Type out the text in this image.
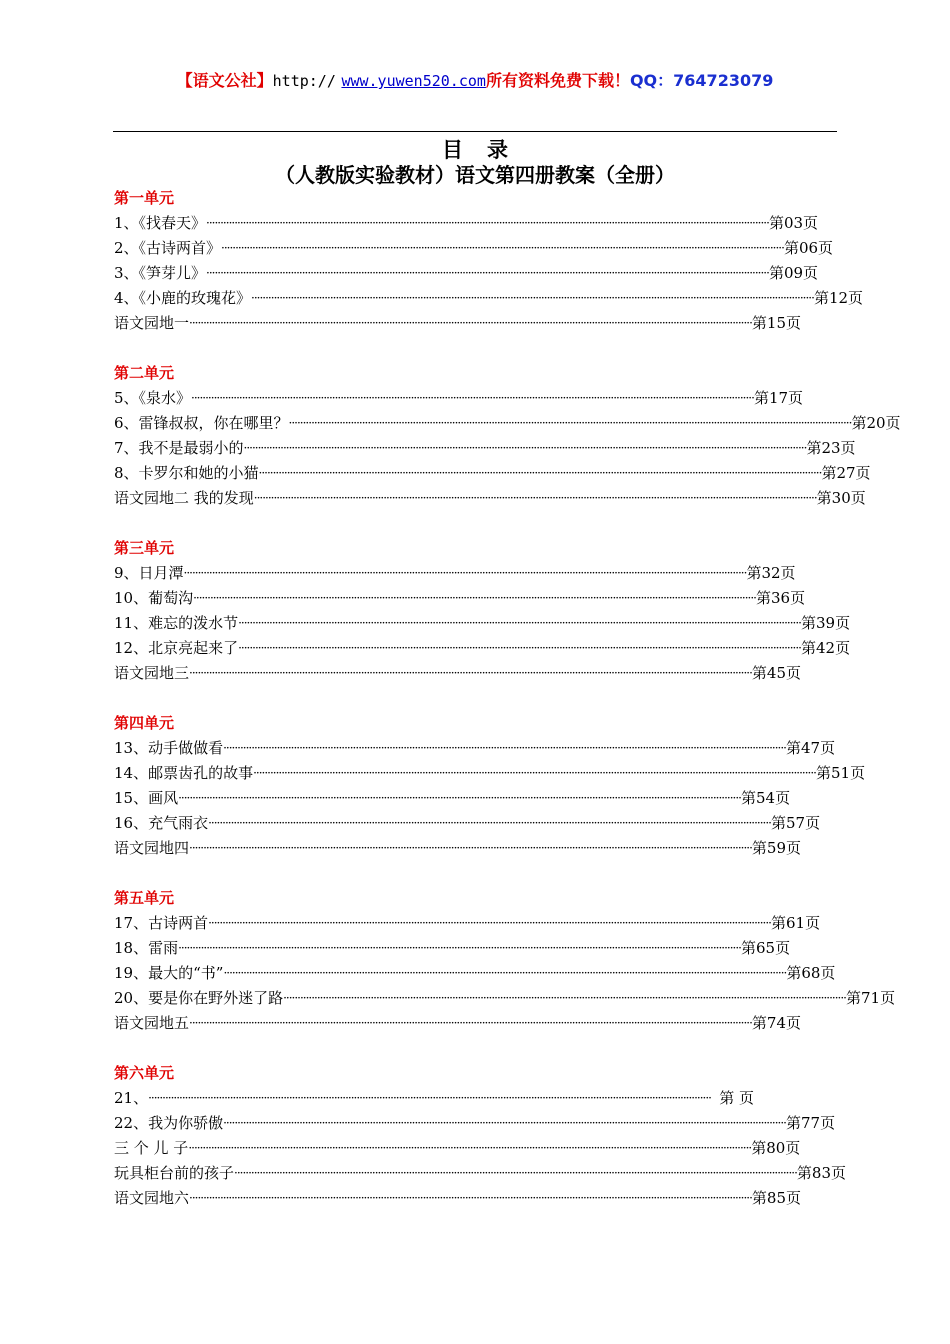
【语文公社】http:// www.yuwen520.com所有资料免费下载！QQ：764723079
目录
（人教版实验教材）语文第四册教案（全册）
第一单元
1、《找春天》 ········································································································································································································ 第03页
2、《古诗两首》 ········································································································································································································ 第06页
3、《笋芽儿》 ········································································································································································································ 第09页
4、《小鹿的玫瑰花》 ········································································································································································································ 第12页
语文园地一 ········································································································································································································ 第15页
第二单元
5、《泉水》 ········································································································································································································ 第17页
6、雷锋叔叔，你在哪里？ ········································································································································································································ 第20页
7、我不是最弱小的 ········································································································································································································ 第23页
8、卡罗尔和她的小猫 ········································································································································································································ 第27页
语文园地二 我的发现 ········································································································································································································ 第30页
第三单元
9、日月潭 ········································································································································································································ 第32页
10、葡萄沟 ········································································································································································································ 第36页
11、难忘的泼水节 ········································································································································································································ 第39页
12、北京亮起来了 ········································································································································································································ 第42页
语文园地三 ········································································································································································································ 第45页
第四单元
13、动手做做看 ········································································································································································································ 第47页
14、邮票齿孔的故事 ········································································································································································································ 第51页
15、画风 ········································································································································································································ 第54页
16、充气雨衣 ········································································································································································································ 第57页
语文园地四 ········································································································································································································ 第59页
第五单元
17、古诗两首 ········································································································································································································ 第61页
18、雷雨 ········································································································································································································ 第65页
19、最大的“书” ········································································································································································································ 第68页
20、要是你在野外迷了路 ········································································································································································································ 第71页
语文园地五 ········································································································································································································ 第74页
第六单元
21、 ········································································································································································································ 第 页
22、我为你骄傲 ········································································································································································································ 第77页
三 个 儿 子 ········································································································································································································ 第80页
玩具柜台前的孩子 ········································································································································································································ 第83页
语文园地六 ········································································································································································································ 第85页
